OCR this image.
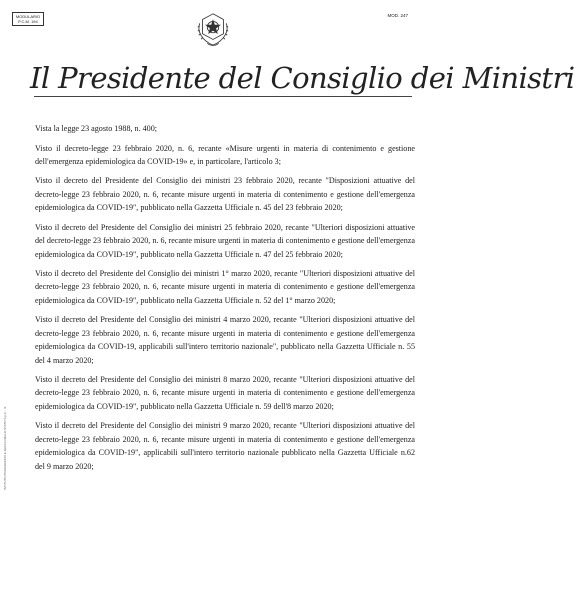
MODULARIO
P.C.M. 194
MOD. 247
Il Presidente del Consiglio dei Ministri
ISTITUTO POLIGRAFICO E ZECCA DELLO STATO S.p.A. - S.

Vista la legge 23 agosto 1988, n. 400;

Visto il decreto-legge 23 febbraio 2020, n. 6, recante «Misure urgenti in materia di contenimento e gestione dell'emergenza epidemiologica da COVID-19» e, in particolare, l'articolo 3;

Visto il decreto del Presidente del Consiglio dei ministri 23 febbraio 2020, recante "Disposizioni attuative del decreto-legge 23 febbraio 2020, n. 6, recante misure urgenti in materia di contenimento e gestione dell'emergenza epidemiologica da COVID-19", pubblicato nella Gazzetta Ufficiale n. 45 del 23 febbraio 2020;

Visto il decreto del Presidente del Consiglio dei ministri 25 febbraio 2020, recante "Ulteriori disposizioni attuative del decreto-legge 23 febbraio 2020, n. 6, recante misure urgenti in materia di contenimento e gestione dell'emergenza epidemiologica da COVID-19", pubblicato nella Gazzetta Ufficiale n. 47 del 25 febbraio 2020;

Visto il decreto del Presidente del Consiglio dei ministri 1° marzo 2020, recante "Ulteriori disposizioni attuative del decreto-legge 23 febbraio 2020, n. 6, recante misure urgenti in materia di contenimento e gestione dell'emergenza epidemiologica da COVID-19", pubblicato nella Gazzetta Ufficiale n. 52 del 1° marzo 2020;

Visto il decreto del Presidente del Consiglio dei ministri 4 marzo 2020, recante "Ulteriori disposizioni attuative del decreto-legge 23 febbraio 2020, n. 6, recante misure urgenti in materia di contenimento e gestione dell'emergenza epidemiologica da COVID-19, applicabili sull'intero territorio nazionale", pubblicato nella Gazzetta Ufficiale n. 55 del 4 marzo 2020;

Visto il decreto del Presidente del Consiglio dei ministri 8 marzo 2020, recante "Ulteriori disposizioni attuative del decreto-legge 23 febbraio 2020, n. 6, recante misure urgenti in materia di contenimento e gestione dell'emergenza epidemiologica da COVID-19", pubblicato nella Gazzetta Ufficiale n. 59 dell'8 marzo 2020;

Visto il decreto del Presidente del Consiglio dei ministri 9 marzo 2020, recante "Ulteriori disposizioni attuative del decreto-legge 23 febbraio 2020, n. 6, recante misure urgenti in materia di contenimento e gestione dell'emergenza epidemiologica da COVID-19", applicabili sull'intero territorio nazionale pubblicato nella Gazzetta Ufficiale n.62 del 9 marzo 2020;
